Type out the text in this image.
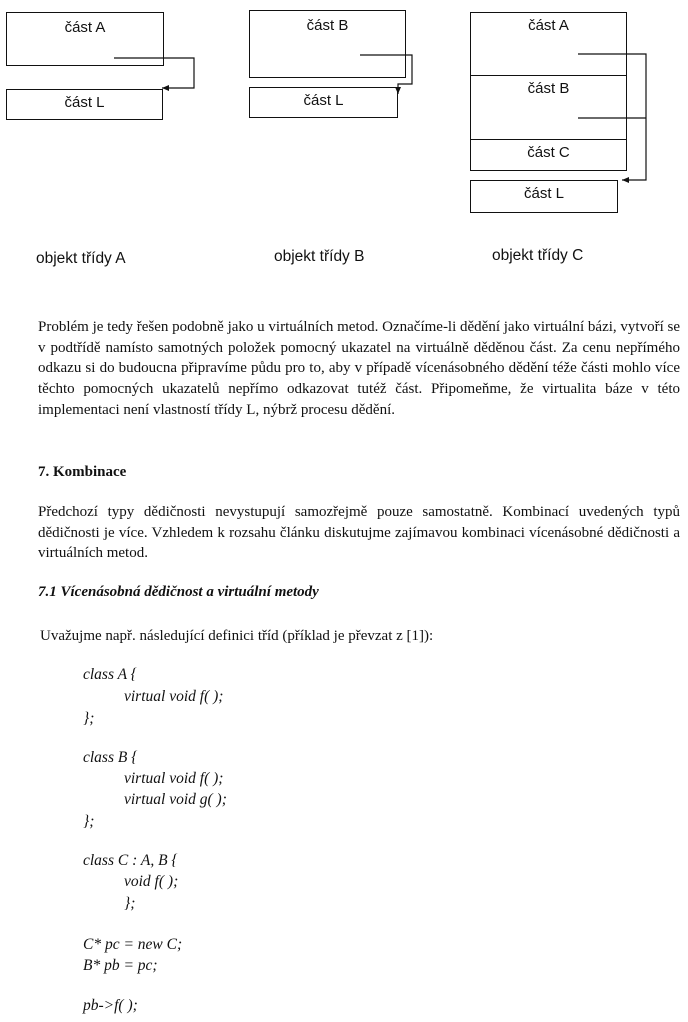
část A
část L
objekt třídy A
část B
část L
objekt třídy B
část A
část B
část C
část L
objekt třídy C
Problém je tedy řešen podobně jako u virtuálních metod. Označíme-li dědění jako virtuální bázi, vytvoří se v podtřídě namísto samotných položek pomocný ukazatel na virtuálně děděnou část. Za cenu nepřímého odkazu si do budoucna připravíme půdu pro to, aby v případě vícenásobného dědění téže části mohlo více těchto pomocných ukazatelů nepřímo odkazovat tutéž část. Připomeňme, že virtualita báze v této implementaci není vlastností třídy L, nýbrž procesu dědění.
7. Kombinace
Předchozí typy dědičnosti nevystupují samozřejmě pouze samostatně. Kombinací uvedených typů dědičnosti je více. Vzhledem k rozsahu článku diskutujme zajímavou kombinaci vícenásobné dědičnosti a virtuálních metod.
7.1 Vícenásobná dědičnost a virtuální metody
Uvažujme např. následující definici tříd (příklad je převzat z [1]):
class A {
virtual void f( );
};
class B {
virtual void f( );
virtual void g( );
};
class C : A, B {
void f( );
};
C* pc = new C;
B* pb = pc;
pb->f( );
